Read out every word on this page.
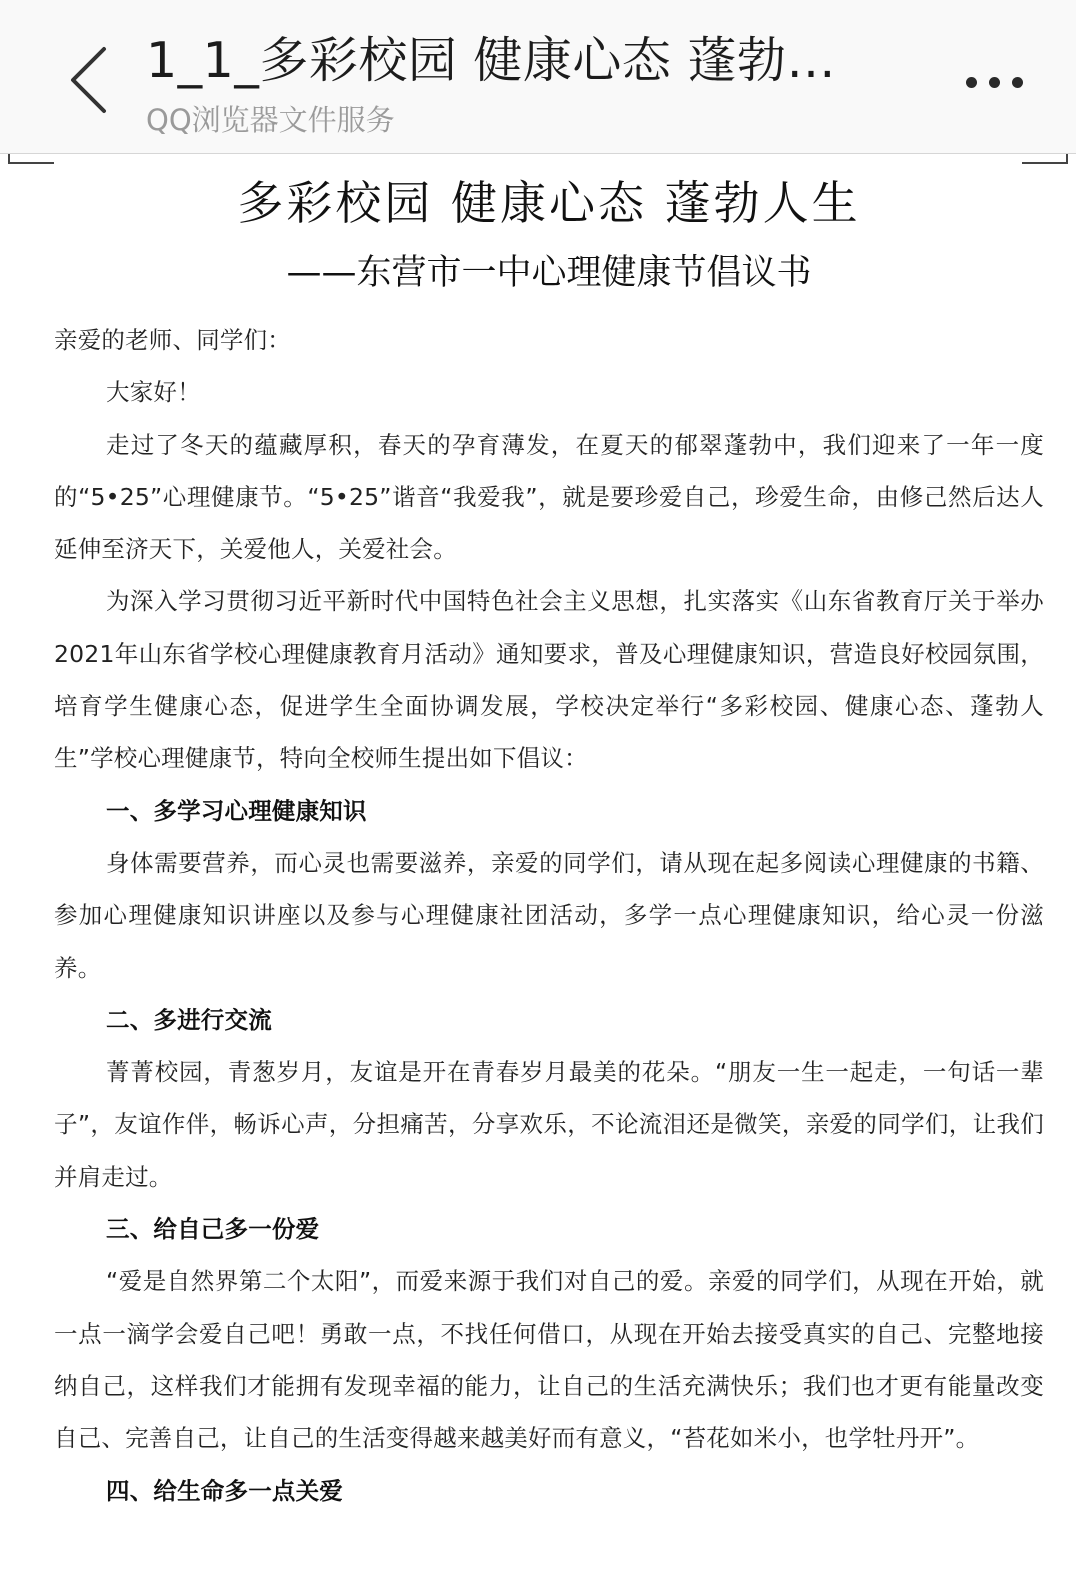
1_1_多彩校园 健康心态 蓬勃…
QQ浏览器文件服务
多彩校园 健康心态 蓬勃人生
——东营市一中心理健康节倡议书

亲爱的老师、同学们：

大家好！

走过了冬天的蕴藏厚积，春天的孕育薄发，在夏天的郁翠蓬勃中，我们迎来了一年一度的“5•25”心理健康节。“5•25”谐音“我爱我”，就是要珍爱自己，珍爱生命，由修己然后达人延伸至济天下，关爱他人，关爱社会。

为深入学习贯彻习近平新时代中国特色社会主义思想，扎实落实《山东省教育厅关于举办2021年山东省学校心理健康教育月活动》通知要求，普及心理健康知识，营造良好校园氛围，培育学生健康心态，促进学生全面协调发展，学校决定举行“多彩校园、健康心态、蓬勃人生”学校心理健康节，特向全校师生提出如下倡议：

一、多学习心理健康知识

身体需要营养，而心灵也需要滋养，亲爱的同学们，请从现在起多阅读心理健康的书籍、参加心理健康知识讲座以及参与心理健康社团活动，多学一点心理健康知识，给心灵一份滋养。

二、多进行交流

菁菁校园，青葱岁月，友谊是开在青春岁月最美的花朵。“朋友一生一起走，一句话一辈子”，友谊作伴，畅诉心声，分担痛苦，分享欢乐，不论流泪还是微笑，亲爱的同学们，让我们并肩走过。

三、给自己多一份爱

“爱是自然界第二个太阳”，而爱来源于我们对自己的爱。亲爱的同学们，从现在开始，就一点一滴学会爱自己吧！勇敢一点，不找任何借口，从现在开始去接受真实的自己、完整地接纳自己，这样我们才能拥有发现幸福的能力，让自己的生活充满快乐；我们也才更有能量改变自己、完善自己，让自己的生活变得越来越美好而有意义，“苔花如米小，也学牡丹开”。

四、给生命多一点关爱
